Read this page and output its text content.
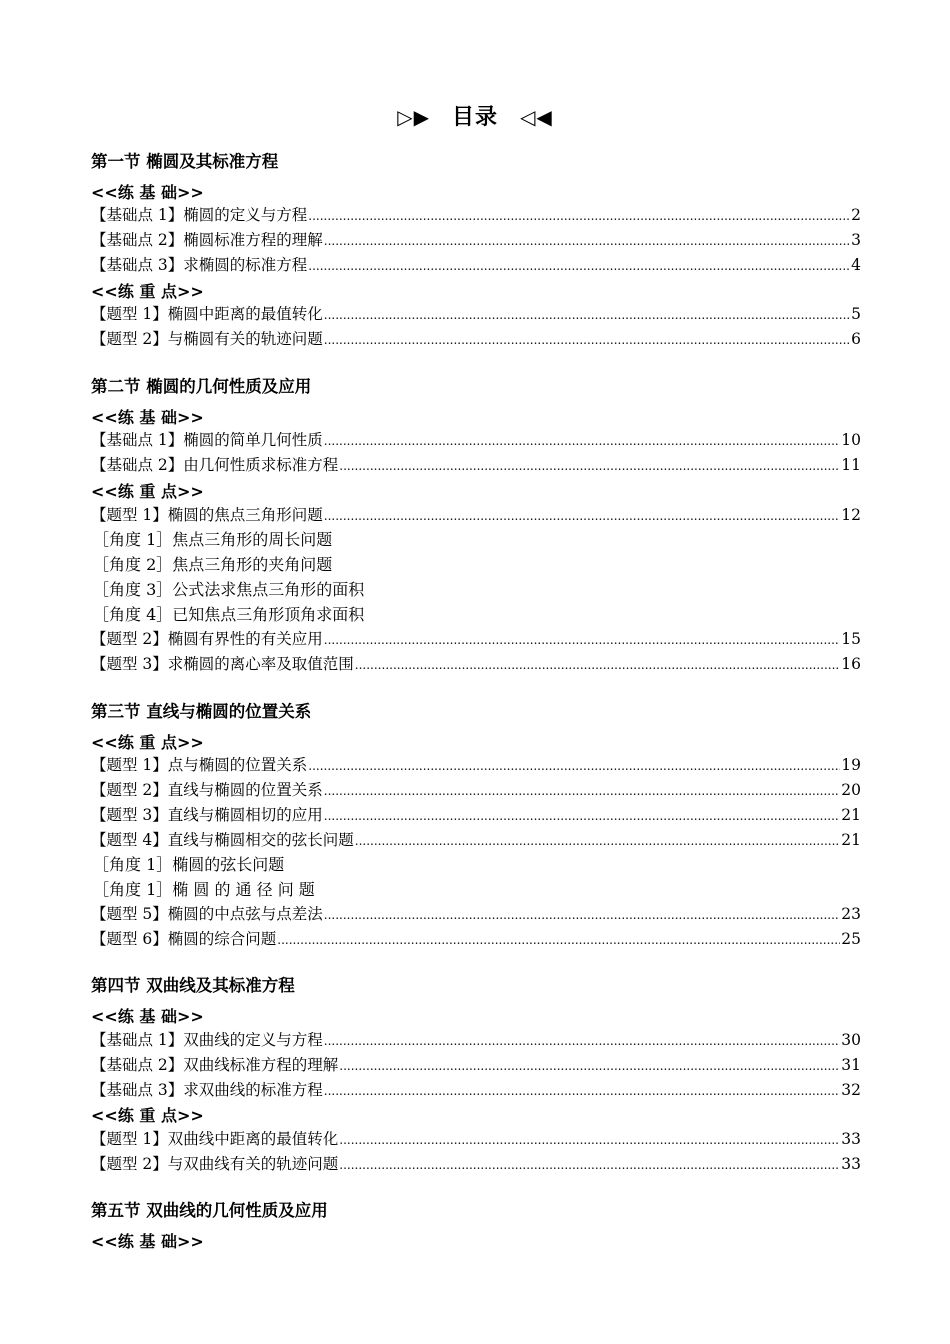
▷▶ 目录 ◁◀
第一节 椭圆及其标准方程
<<练 基 础>>
【基础点 1】椭圆的定义与方程 .....	2
【基础点 2】椭圆标准方程的理解 .....	3
【基础点 3】求椭圆的标准方程 .....	4
<<练 重 点>>
【题型 1】椭圆中距离的最值转化 .....	5
【题型 2】与椭圆有关的轨迹问题 .....	6
第二节 椭圆的几何性质及应用
<<练 基 础>>
【基础点 1】椭圆的简单几何性质 .....	10
【基础点 2】由几何性质求标准方程 .....	11
<<练 重 点>>
【题型 1】椭圆的焦点三角形问题 .....	12
［角度 1］焦点三角形的周长问题
［角度 2］焦点三角形的夹角问题
［角度 3］公式法求焦点三角形的面积
［角度 4］已知焦点三角形顶角求面积
【题型 2】椭圆有界性的有关应用 .....	15
【题型 3】求椭圆的离心率及取值范围 .....	16
第三节 直线与椭圆的位置关系
<<练 重 点>>
【题型 1】点与椭圆的位置关系 .....	19
【题型 2】直线与椭圆的位置关系 .....	20
【题型 3】直线与椭圆相切的应用 .....	21
【题型 4】直线与椭圆相交的弦长问题 .....	21
［角度 1］椭圆的弦长问题
［角度 1］椭 圆 的 通 径 问 题
【题型 5】椭圆的中点弦与点差法 .....	23
【题型 6】椭圆的综合问题 .....	25
第四节 双曲线及其标准方程
<<练 基 础>>
【基础点 1】双曲线的定义与方程 .....	30
【基础点 2】双曲线标准方程的理解 .....	31
【基础点 3】求双曲线的标准方程 .....	32
<<练 重 点>>
【题型 1】双曲线中距离的最值转化 .....	33
【题型 2】与双曲线有关的轨迹问题 .....	33
第五节 双曲线的几何性质及应用
<<练 基 础>>
